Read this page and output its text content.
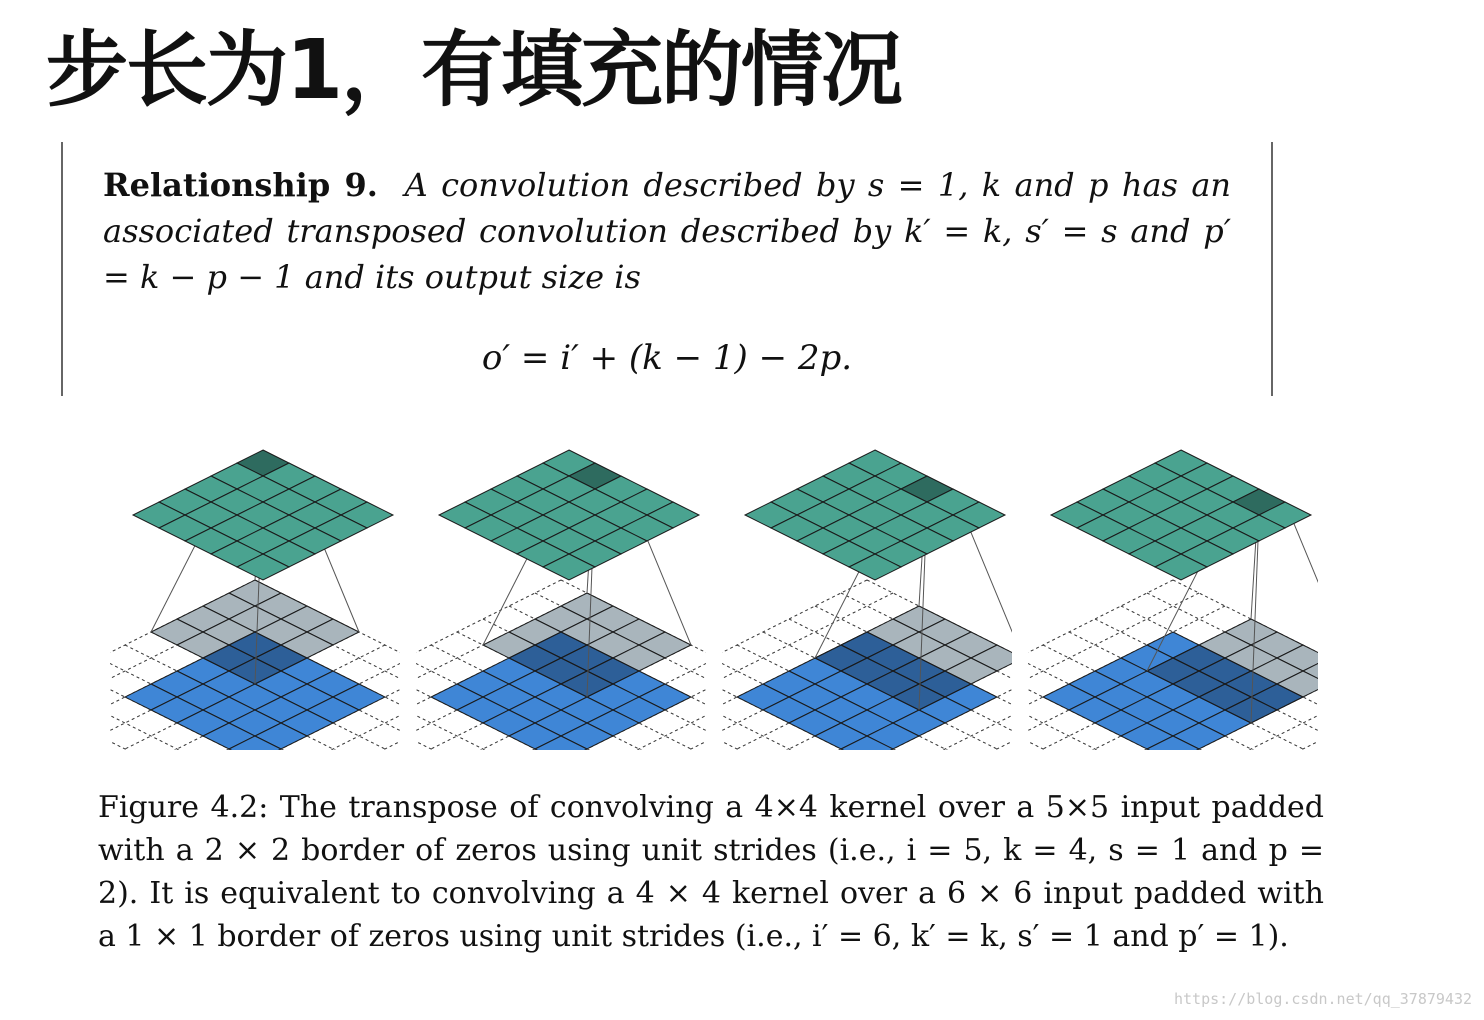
步长为1，有填充的情况
Relationship 9. A convolution described by s = 1, k and p has an associated transposed convolution described by k′ = k, s′ = s and p′ = k − p − 1 and its output size is
o′ = i′ + (k − 1) − 2p.
Figure 4.2: The transpose of convolving a 4×4 kernel over a 5×5 input padded with a 2 × 2 border of zeros using unit strides (i.e., i = 5, k = 4, s = 1 and p = 2). It is equivalent to convolving a 4 × 4 kernel over a 6 × 6 input padded with a 1 × 1 border of zeros using unit strides (i.e., i′ = 6, k′ = k, s′ = 1 and p′ = 1).
https://blog.csdn.net/qq_37879432
